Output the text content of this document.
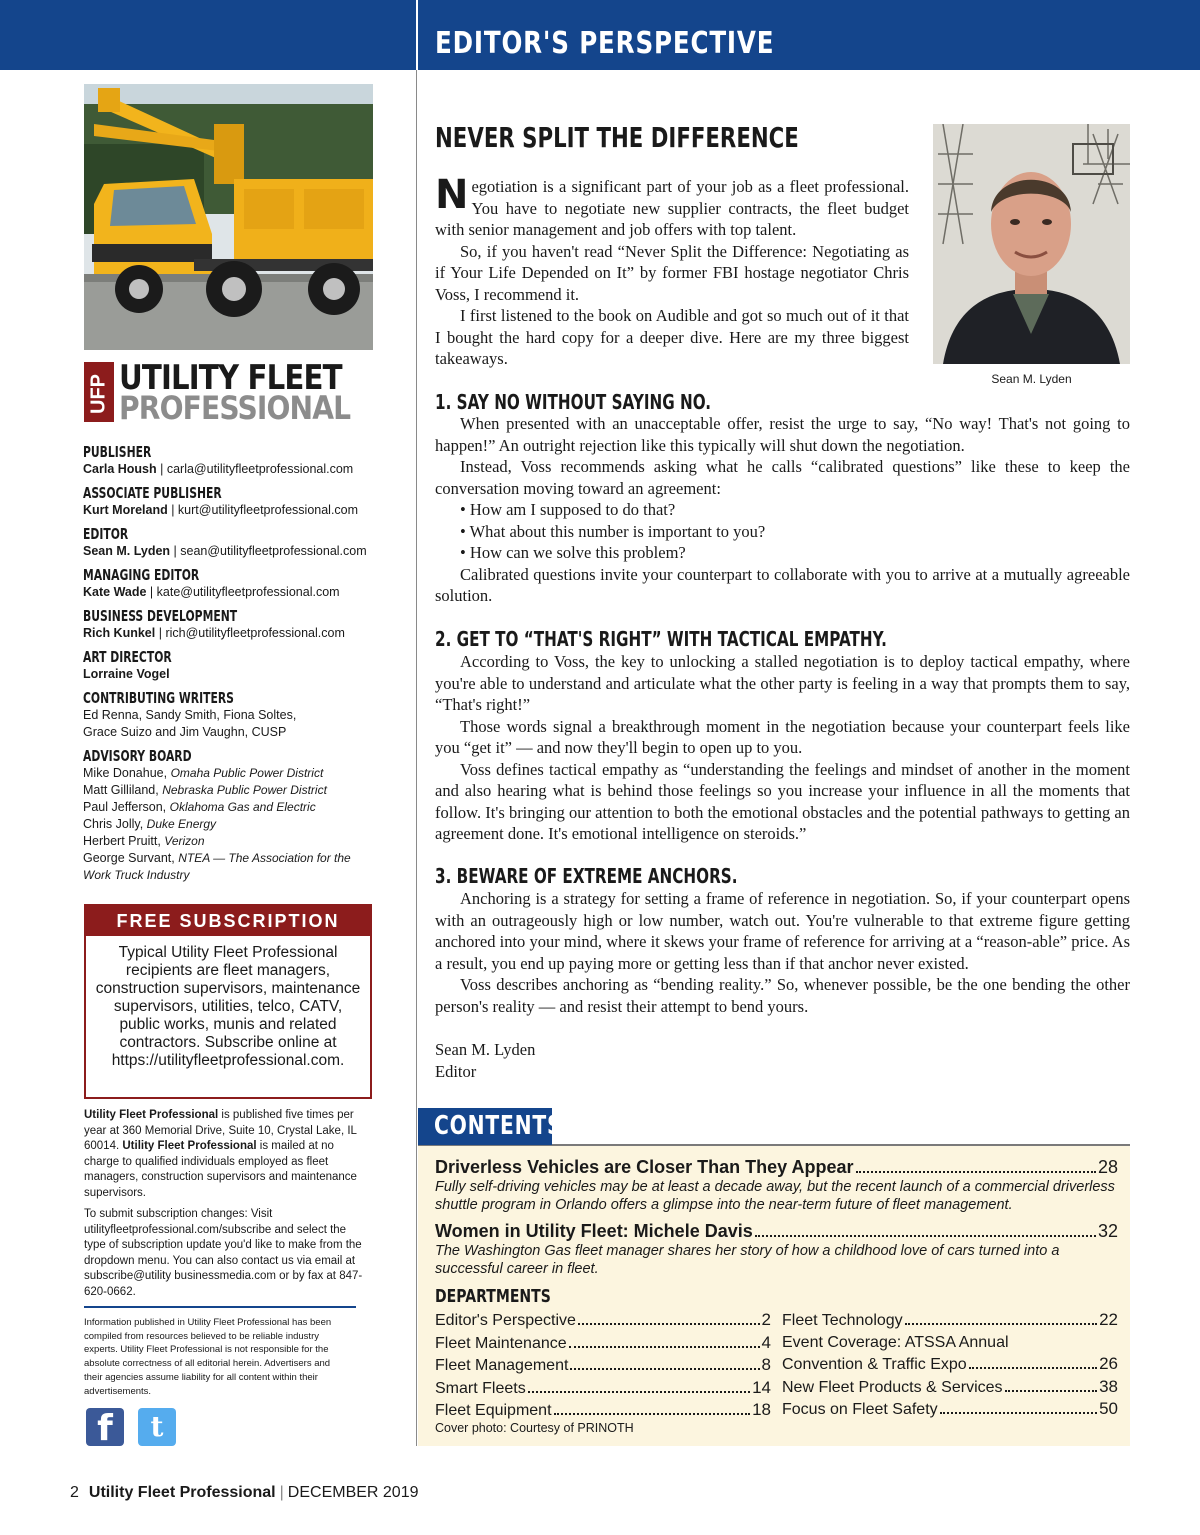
EDITOR'S PERSPECTIVE
UFP UTILITY FLEET
PROFESSIONAL
PUBLISHER
Carla Housh | carla@utilityfleetprofessional.com
ASSOCIATE PUBLISHER
Kurt Moreland | kurt@utilityfleetprofessional.com
EDITOR
Sean M. Lyden | sean@utilityfleetprofessional.com
MANAGING EDITOR
Kate Wade | kate@utilityfleetprofessional.com
BUSINESS DEVELOPMENT
Rich Kunkel | rich@utilityfleetprofessional.com
ART DIRECTOR
Lorraine Vogel
CONTRIBUTING WRITERS
Ed Renna, Sandy Smith, Fiona Soltes,
Grace Suizo and Jim Vaughn, CUSP
ADVISORY BOARD
Mike Donahue, Omaha Public Power District
Matt Gilliland, Nebraska Public Power District
Paul Jefferson, Oklahoma Gas and Electric
Chris Jolly, Duke Energy
Herbert Pruitt, Verizon
George Survant, NTEA — The Association for the
Work Truck Industry
FREE SUBSCRIPTION
Typical Utility Fleet Professional recipients are fleet managers, construction supervisors, maintenance supervisors, utilities, telco, CATV, public works, munis and related contractors. Subscribe online at
https://utilityfleetprofessional.com.

Utility Fleet Professional is published five times per year at 360 Memorial Drive, Suite 10, Crystal Lake, IL 60014. Utility Fleet Professional is mailed at no charge to qualified individuals employed as fleet managers, construction supervisors and maintenance supervisors.

To submit subscription changes: Visit utilityfleetprofessional.com/subscribe and select the type of subscription update you'd like to make from the dropdown menu. You can also contact us via email at subscribe@utility businessmedia.com or by fax at 847-620-0662.

Information published in Utility Fleet Professional has been compiled from resources believed to be reliable industry experts. Utility Fleet Professional is not responsible for the absolute correctness of all editorial herein. Advertisers and their agencies assume liability for all content within their advertisements.
f	t
NEVER SPLIT THE DIFFERENCE
Sean M. Lyden

Negotiation is a significant part of your job as a fleet professional. You have to negotiate new supplier contracts, the fleet budget with senior management and job offers with top talent.

So, if you haven't read “Never Split the Difference: Negotiating as if Your Life Depended on It” by former FBI hostage negotiator Chris Voss, I recommend it.

I first listened to the book on Audible and got so much out of it that I bought the hard copy for a deeper dive. Here are my three biggest takeaways.

1. SAY NO WITHOUT SAYING NO.

When presented with an unacceptable offer, resist the urge to say, “No way! That's not going to happen!” An outright rejection like this typically will shut down the negotiation.

Instead, Voss recommends asking what he calls “calibrated questions” like these to keep the conversation moving toward an agreement:

• How am I supposed to do that?

• What about this number is important to you?

• How can we solve this problem?

Calibrated questions invite your counterpart to collaborate with you to arrive at a mutually agreeable solution.

2. GET TO “THAT'S RIGHT” WITH TACTICAL EMPATHY.

According to Voss, the key to unlocking a stalled negotiation is to deploy tactical empathy, where you're able to understand and articulate what the other party is feeling in a way that prompts them to say, “That's right!”

Those words signal a breakthrough moment in the negotiation because your counterpart feels like you “get it” — and now they'll begin to open up to you.

Voss defines tactical empathy as “understanding the feelings and mindset of another in the moment and also hearing what is behind those feelings so you increase your influence in all the moments that follow. It's bringing our attention to both the emotional obstacles and the potential pathways to getting an agreement done. It's emotional intelligence on steroids.”

3. BEWARE OF EXTREME ANCHORS.

Anchoring is a strategy for setting a frame of reference in negotiation. So, if your counterpart opens with an outrageously high or low number, watch out. You're vulnerable to that extreme figure getting anchored into your mind, where it skews your frame of reference for arriving at a “reason-able” price. As a result, you end up paying more or getting less than if that anchor never existed.

Voss describes anchoring as “bending reality.” So, whenever possible, be the one bending the other person's reality — and resist their attempt to bend yours.

Sean M. Lyden
Editor
CONTENTS
Driverless Vehicles are Closer Than They Appear	28
Fully self-driving vehicles may be at least a decade away, but the recent launch of a commercial driverless shuttle program in Orlando offers a glimpse into the near-term future of fleet management.
Women in Utility Fleet: Michele Davis	32
The Washington Gas fleet manager shares her story of how a childhood love of cars turned into a successful career in fleet.
DEPARTMENTS
Editor's Perspective	2
Fleet Maintenance	4
Fleet Management	8
Smart Fleets	14
Fleet Equipment	18
Fleet Technology	22
Event Coverage: ATSSA Annual
Convention & Traffic Expo	26
New Fleet Products & Services	38
Focus on Fleet Safety	50
Cover photo: Courtesy of PRINOTH
2 Utility Fleet Professional | DECEMBER 2019
